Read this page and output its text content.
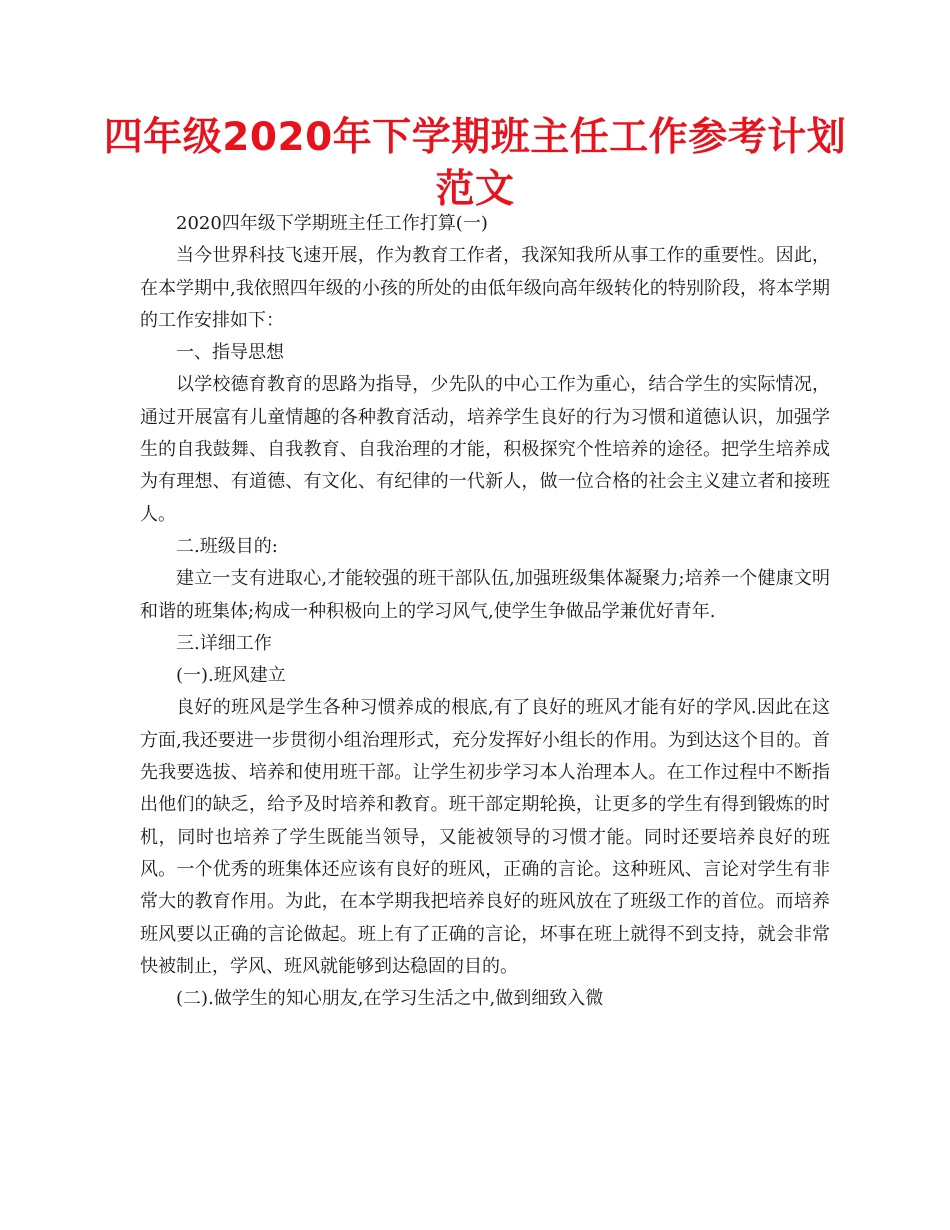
四年级2020年下学期班主任工作参考计划范文

2020四年级下学期班主任工作打算(一)

当今世界科技飞速开展，作为教育工作者，我深知我所从事工作的重要性。因此，在本学期中,我依照四年级的小孩的所处的由低年级向高年级转化的特别阶段，将本学期的工作安排如下：

一、指导思想

以学校德育教育的思路为指导，少先队的中心工作为重心，结合学生的实际情况，通过开展富有儿童情趣的各种教育活动，培养学生良好的行为习惯和道德认识，加强学生的自我鼓舞、自我教育、自我治理的才能，积极探究个性培养的途径。把学生培养成为有理想、有道德、有文化、有纪律的一代新人，做一位合格的社会主义建立者和接班人。

二.班级目的:

建立一支有进取心,才能较强的班干部队伍,加强班级集体凝聚力;培养一个健康文明和谐的班集体;构成一种积极向上的学习风气,使学生争做品学兼优好青年.

三.详细工作

(一).班风建立

良好的班风是学生各种习惯养成的根底,有了良好的班风才能有好的学风.因此在这方面,我还要进一步贯彻小组治理形式，充分发挥好小组长的作用。为到达这个目的。首先我要选拔、培养和使用班干部。让学生初步学习本人治理本人。在工作过程中不断指出他们的缺乏，给予及时培养和教育。班干部定期轮换，让更多的学生有得到锻炼的时机，同时也培养了学生既能当领导，又能被领导的习惯才能。同时还要培养良好的班风。一个优秀的班集体还应该有良好的班风，正确的言论。这种班风、言论对学生有非常大的教育作用。为此，在本学期我把培养良好的班风放在了班级工作的首位。而培养班风要以正确的言论做起。班上有了正确的言论，坏事在班上就得不到支持，就会非常快被制止，学风、班风就能够到达稳固的目的。

(二).做学生的知心朋友,在学习生活之中,做到细致入微
